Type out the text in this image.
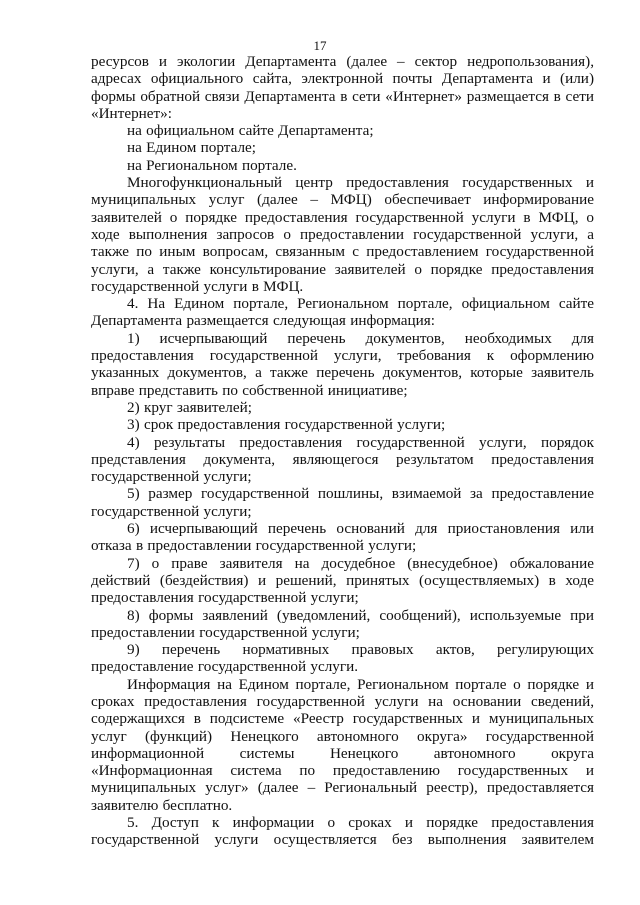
17

ресурсов и экологии Департамента (далее – сектор недропользования), адресах официального сайта, электронной почты Департамента и (или) формы обратной связи Департамента в сети «Интернет» размещается в сети «Интернет»:

на официальном сайте Департамента;

на Едином портале;

на Региональном портале.

Многофункциональный центр предоставления государственных и муниципальных услуг (далее – МФЦ) обеспечивает информирование заявителей о порядке предоставления государственной услуги в МФЦ, о ходе выполнения запросов о предоставлении государственной услуги, а также по иным вопросам, связанным с предоставлением государственной услуги, а также консультирование заявителей о порядке предоставления государственной услуги в МФЦ.

4. На Едином портале, Региональном портале, официальном сайте Департамента размещается следующая информация:

1) исчерпывающий перечень документов, необходимых для предоставления государственной услуги, требования к оформлению указанных документов, а также перечень документов, которые заявитель вправе представить по собственной инициативе;

2) круг заявителей;

3) срок предоставления государственной услуги;

4) результаты предоставления государственной услуги, порядок представления документа, являющегося результатом предоставления государственной услуги;

5) размер государственной пошлины, взимаемой за предоставление государственной услуги;

6) исчерпывающий перечень оснований для приостановления или отказа в предоставлении государственной услуги;

7) о праве заявителя на досудебное (внесудебное) обжалование действий (бездействия) и решений, принятых (осуществляемых) в ходе предоставления государственной услуги;

8) формы заявлений (уведомлений, сообщений), используемые при предоставлении государственной услуги;

9) перечень нормативных правовых актов, регулирующих предоставление государственной услуги.

Информация на Едином портале, Региональном портале о порядке и сроках предоставления государственной услуги на основании сведений, содержащихся в подсистеме «Реестр государственных и муниципальных услуг (функций) Ненецкого автономного округа» государственной информационной системы Ненецкого автономного округа «Информационная система по предоставлению государственных и муниципальных услуг» (далее – Региональный реестр), предоставляется заявителю бесплатно.

5. Доступ к информации о сроках и порядке предоставления государственной услуги осуществляется без выполнения заявителем
